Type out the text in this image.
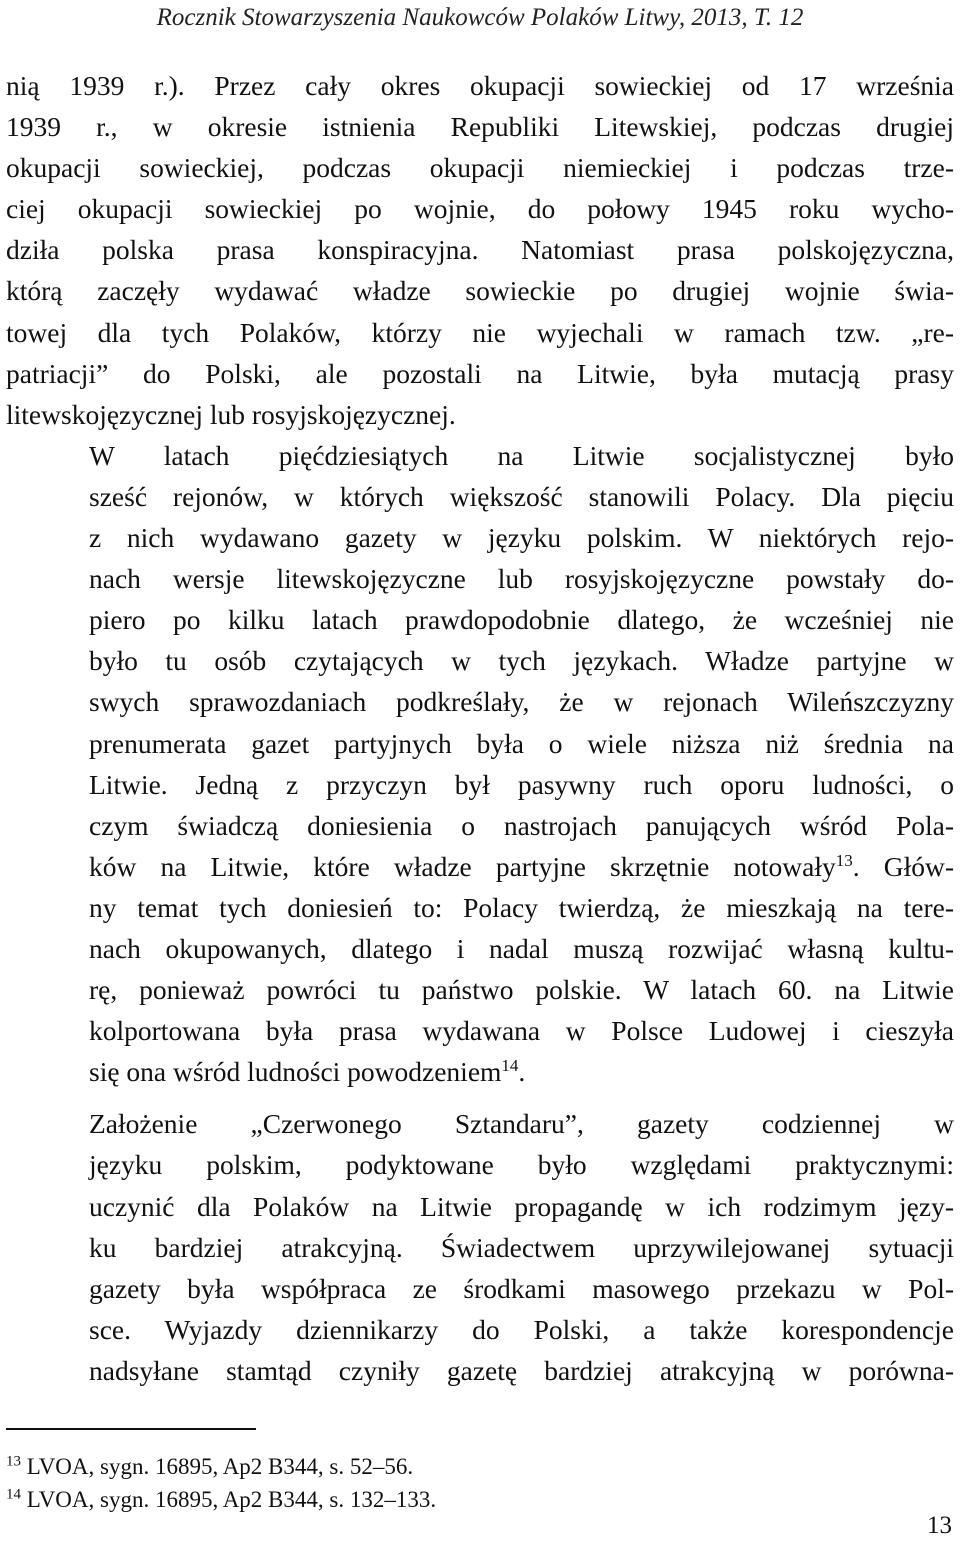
Rocznik Stowarzyszenia Naukowców Polaków Litwy, 2013, T. 12

nią 1939 r.). Przez cały okres okupacji sowieckiej od 17 września
1939 r., w okresie istnienia Republiki Litewskiej, podczas drugiej
okupacji sowieckiej, podczas okupacji niemieckiej i podczas trze-
ciej okupacji sowieckiej po wojnie, do połowy 1945 roku wycho-
dziła polska prasa konspiracyjna. Natomiast prasa polskojęzyczna,
którą zaczęły wydawać władze sowieckie po drugiej wojnie świa-
towej dla tych Polaków, którzy nie wyjechali w ramach tzw. „re-
patriacji” do Polski, ale pozostali na Litwie, była mutacją prasy
litewskojęzycznej lub rosyjskojęzycznej.

W latach pięćdziesiątych na Litwie socjalistycznej było
sześć rejonów, w których większość stanowili Polacy. Dla pięciu
z nich wydawano gazety w języku polskim. W niektórych rejo-
nach wersje litewskojęzyczne lub rosyjskojęzyczne powstały do-
piero po kilku latach prawdopodobnie dlatego, że wcześniej nie
było tu osób czytających w tych językach. Władze partyjne w
swych sprawozdaniach podkreślały, że w rejonach Wileńszczyzny
prenumerata gazet partyjnych była o wiele niższa niż średnia na
Litwie. Jedną z przyczyn był pasywny ruch oporu ludności, o
czym świadczą doniesienia o nastrojach panujących wśród Pola-
ków na Litwie, które władze partyjne skrzętnie notowały$^{13}$. Głów-
ny temat tych doniesień to: Polacy twierdzą, że mieszkają na tere-
nach okupowanych, dlatego i nadal muszą rozwijać własną kultu-
rę, ponieważ powróci tu państwo polskie. W latach 60. na Litwie
kolportowana była prasa wydawana w Polsce Ludowej i cieszyła
się ona wśród ludności powodzeniem$^{14}$.

Założenie „Czerwonego Sztandaru”, gazety codziennej w
języku polskim, podyktowane było względami praktycznymi:
uczynić dla Polaków na Litwie propagandę w ich rodzimym języ-
ku bardziej atrakcyjną. Świadectwem uprzywilejowanej sytuacji
gazety była współpraca ze środkami masowego przekazu w Pol-
sce. Wyjazdy dziennikarzy do Polski, a także korespondencje
nadsyłane stamtąd czyniły gazetę bardziej atrakcyjną w porówna-

$^{13}$ LVOA, sygn. 16895, Ap2 B344, s. 52–56.
$^{14}$ LVOA, sygn. 16895, Ap2 B344, s. 132–133.
13
